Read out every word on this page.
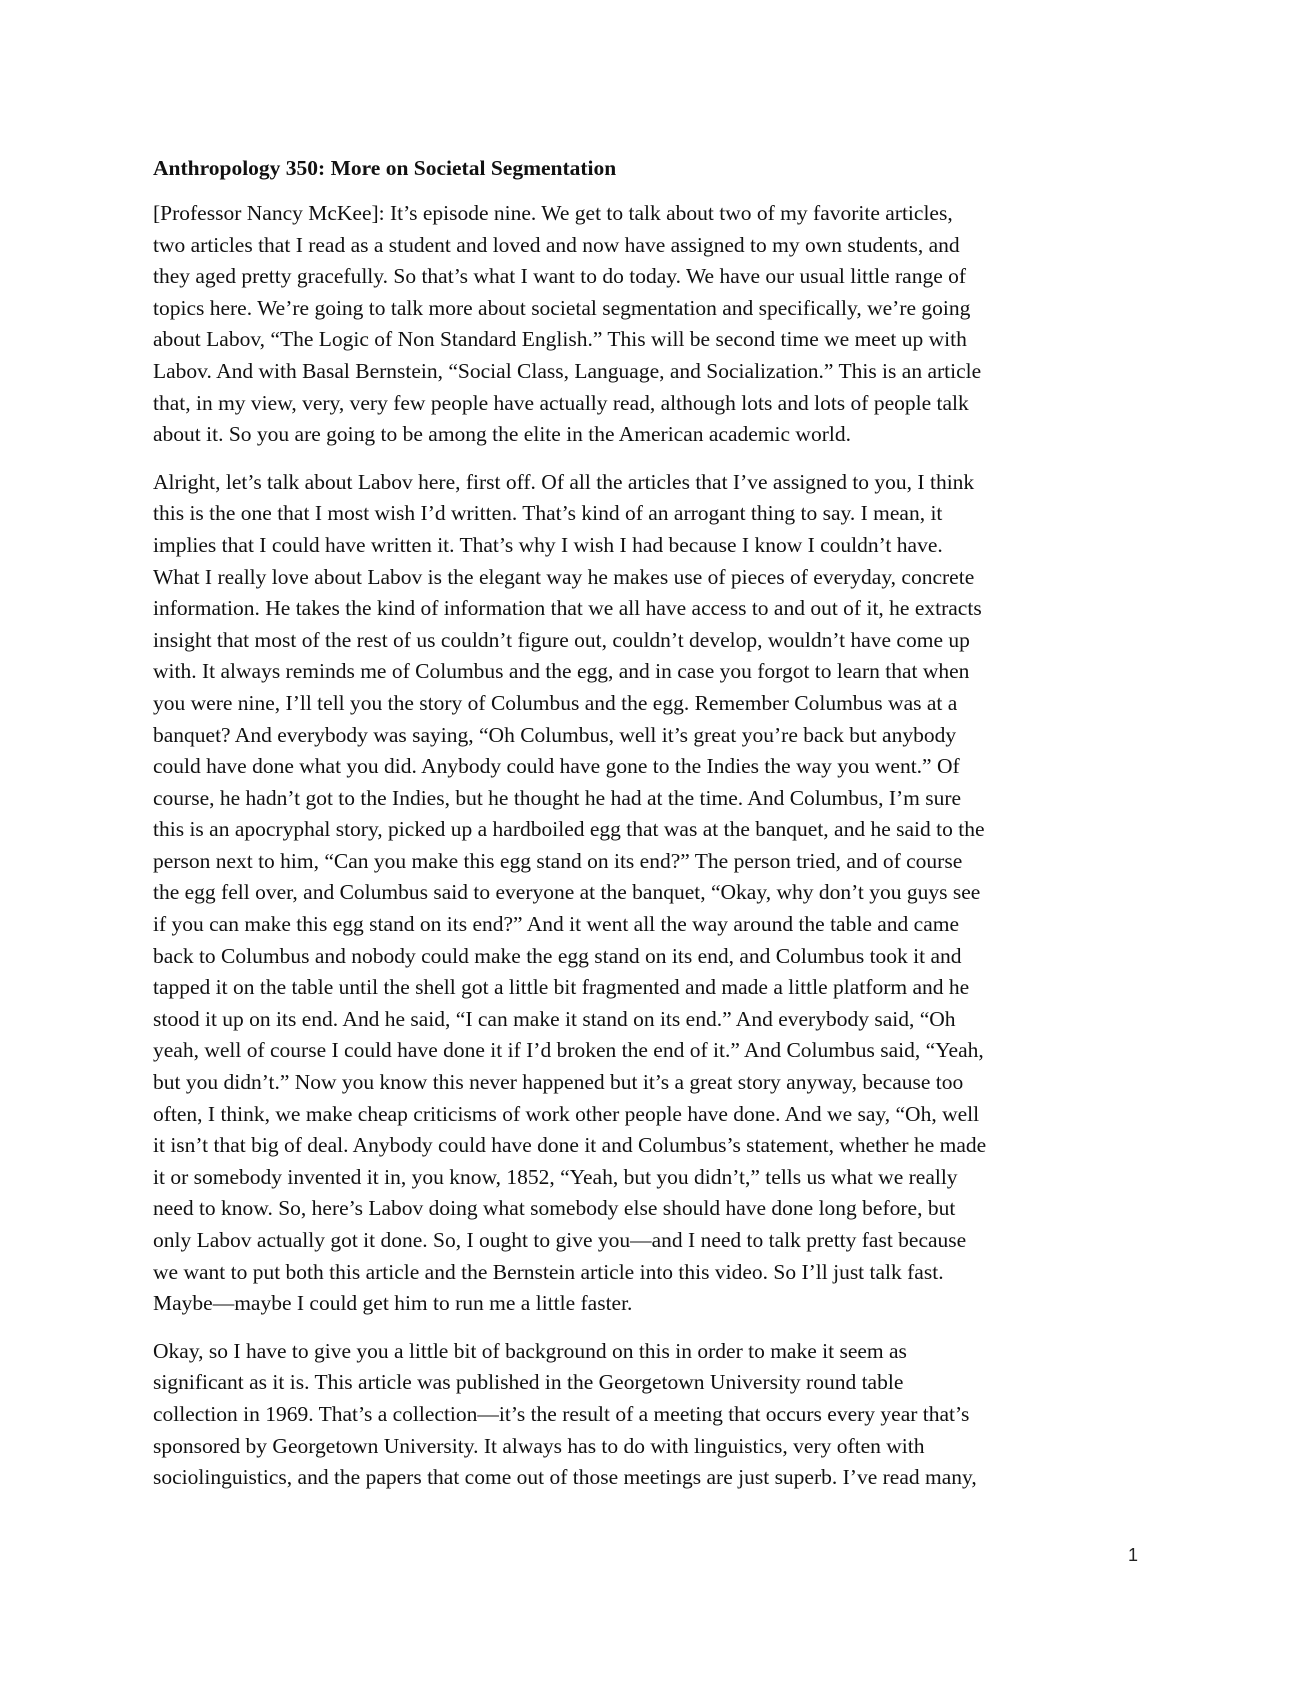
Anthropology 350: More on Societal Segmentation
[Professor Nancy McKee]: It’s episode nine. We get to talk about two of my favorite articles,
two articles that I read as a student and loved and now have assigned to my own students, and
they aged pretty gracefully. So that’s what I want to do today. We have our usual little range of
topics here. We’re going to talk more about societal segmentation and specifically, we’re going
about Labov, “The Logic of Non Standard English.” This will be second time we meet up with
Labov. And with Basal Bernstein, “Social Class, Language, and Socialization.” This is an article
that, in my view, very, very few people have actually read, although lots and lots of people talk
about it. So you are going to be among the elite in the American academic world.
Alright, let’s talk about Labov here, first off. Of all the articles that I’ve assigned to you, I think
this is the one that I most wish I’d written. That’s kind of an arrogant thing to say. I mean, it
implies that I could have written it. That’s why I wish I had because I know I couldn’t have.
What I really love about Labov is the elegant way he makes use of pieces of everyday, concrete
information. He takes the kind of information that we all have access to and out of it, he extracts
insight that most of the rest of us couldn’t figure out, couldn’t develop, wouldn’t have come up
with. It always reminds me of Columbus and the egg, and in case you forgot to learn that when
you were nine, I’ll tell you the story of Columbus and the egg. Remember Columbus was at a
banquet? And everybody was saying, “Oh Columbus, well it’s great you’re back but anybody
could have done what you did. Anybody could have gone to the Indies the way you went.” Of
course, he hadn’t got to the Indies, but he thought he had at the time. And Columbus, I’m sure
this is an apocryphal story, picked up a hardboiled egg that was at the banquet, and he said to the
person next to him, “Can you make this egg stand on its end?” The person tried, and of course
the egg fell over, and Columbus said to everyone at the banquet, “Okay, why don’t you guys see
if you can make this egg stand on its end?” And it went all the way around the table and came
back to Columbus and nobody could make the egg stand on its end, and Columbus took it and
tapped it on the table until the shell got a little bit fragmented and made a little platform and he
stood it up on its end. And he said, “I can make it stand on its end.” And everybody said, “Oh
yeah, well of course I could have done it if I’d broken the end of it.” And Columbus said, “Yeah,
but you didn’t.” Now you know this never happened but it’s a great story anyway, because too
often, I think, we make cheap criticisms of work other people have done. And we say, “Oh, well
it isn’t that big of deal. Anybody could have done it and Columbus’s statement, whether he made
it or somebody invented it in, you know, 1852, “Yeah, but you didn’t,” tells us what we really
need to know. So, here’s Labov doing what somebody else should have done long before, but
only Labov actually got it done. So, I ought to give you—and I need to talk pretty fast because
we want to put both this article and the Bernstein article into this video. So I’ll just talk fast.
Maybe—maybe I could get him to run me a little faster.
Okay, so I have to give you a little bit of background on this in order to make it seem as
significant as it is. This article was published in the Georgetown University round table
collection in 1969. That’s a collection—it’s the result of a meeting that occurs every year that’s
sponsored by Georgetown University. It always has to do with linguistics, very often with
sociolinguistics, and the papers that come out of those meetings are just superb. I’ve read many,
1
